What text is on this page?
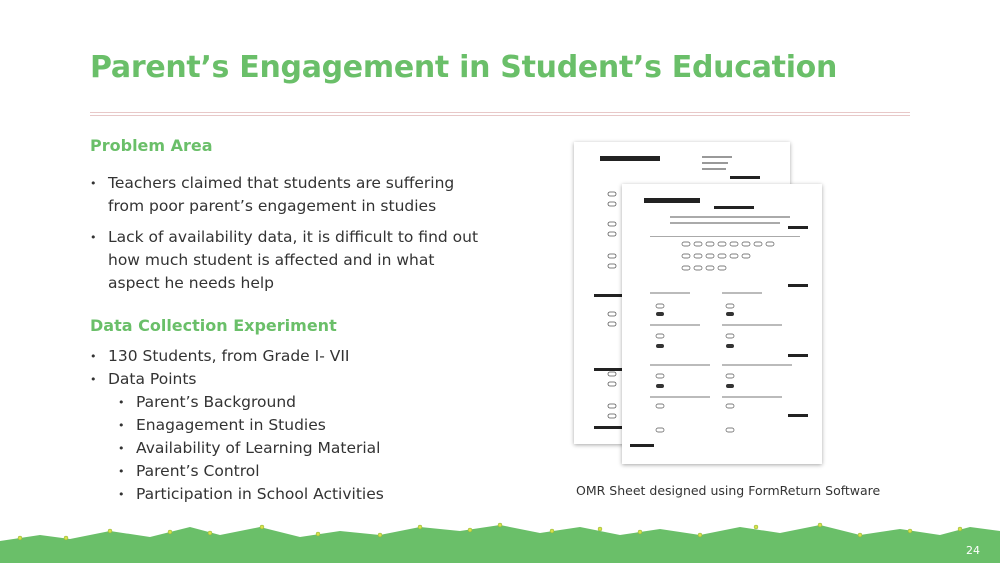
Parent’s Engagement in Student’s Education
Problem Area
• Teachers claimed that students are suffering from poor parent’s engagement in studies
• Lack of availability data, it is difficult to find out how much student is affected and in what aspect he needs help
Data Collection Experiment
• 130 Students, from Grade I- VII
• Data Points
• Parent’s Background
• Enagagement in Studies
• Availability of Learning Material
• Parent’s Control
• Participation in School Activities	OMR Sheet designed using FormReturn Software

24
